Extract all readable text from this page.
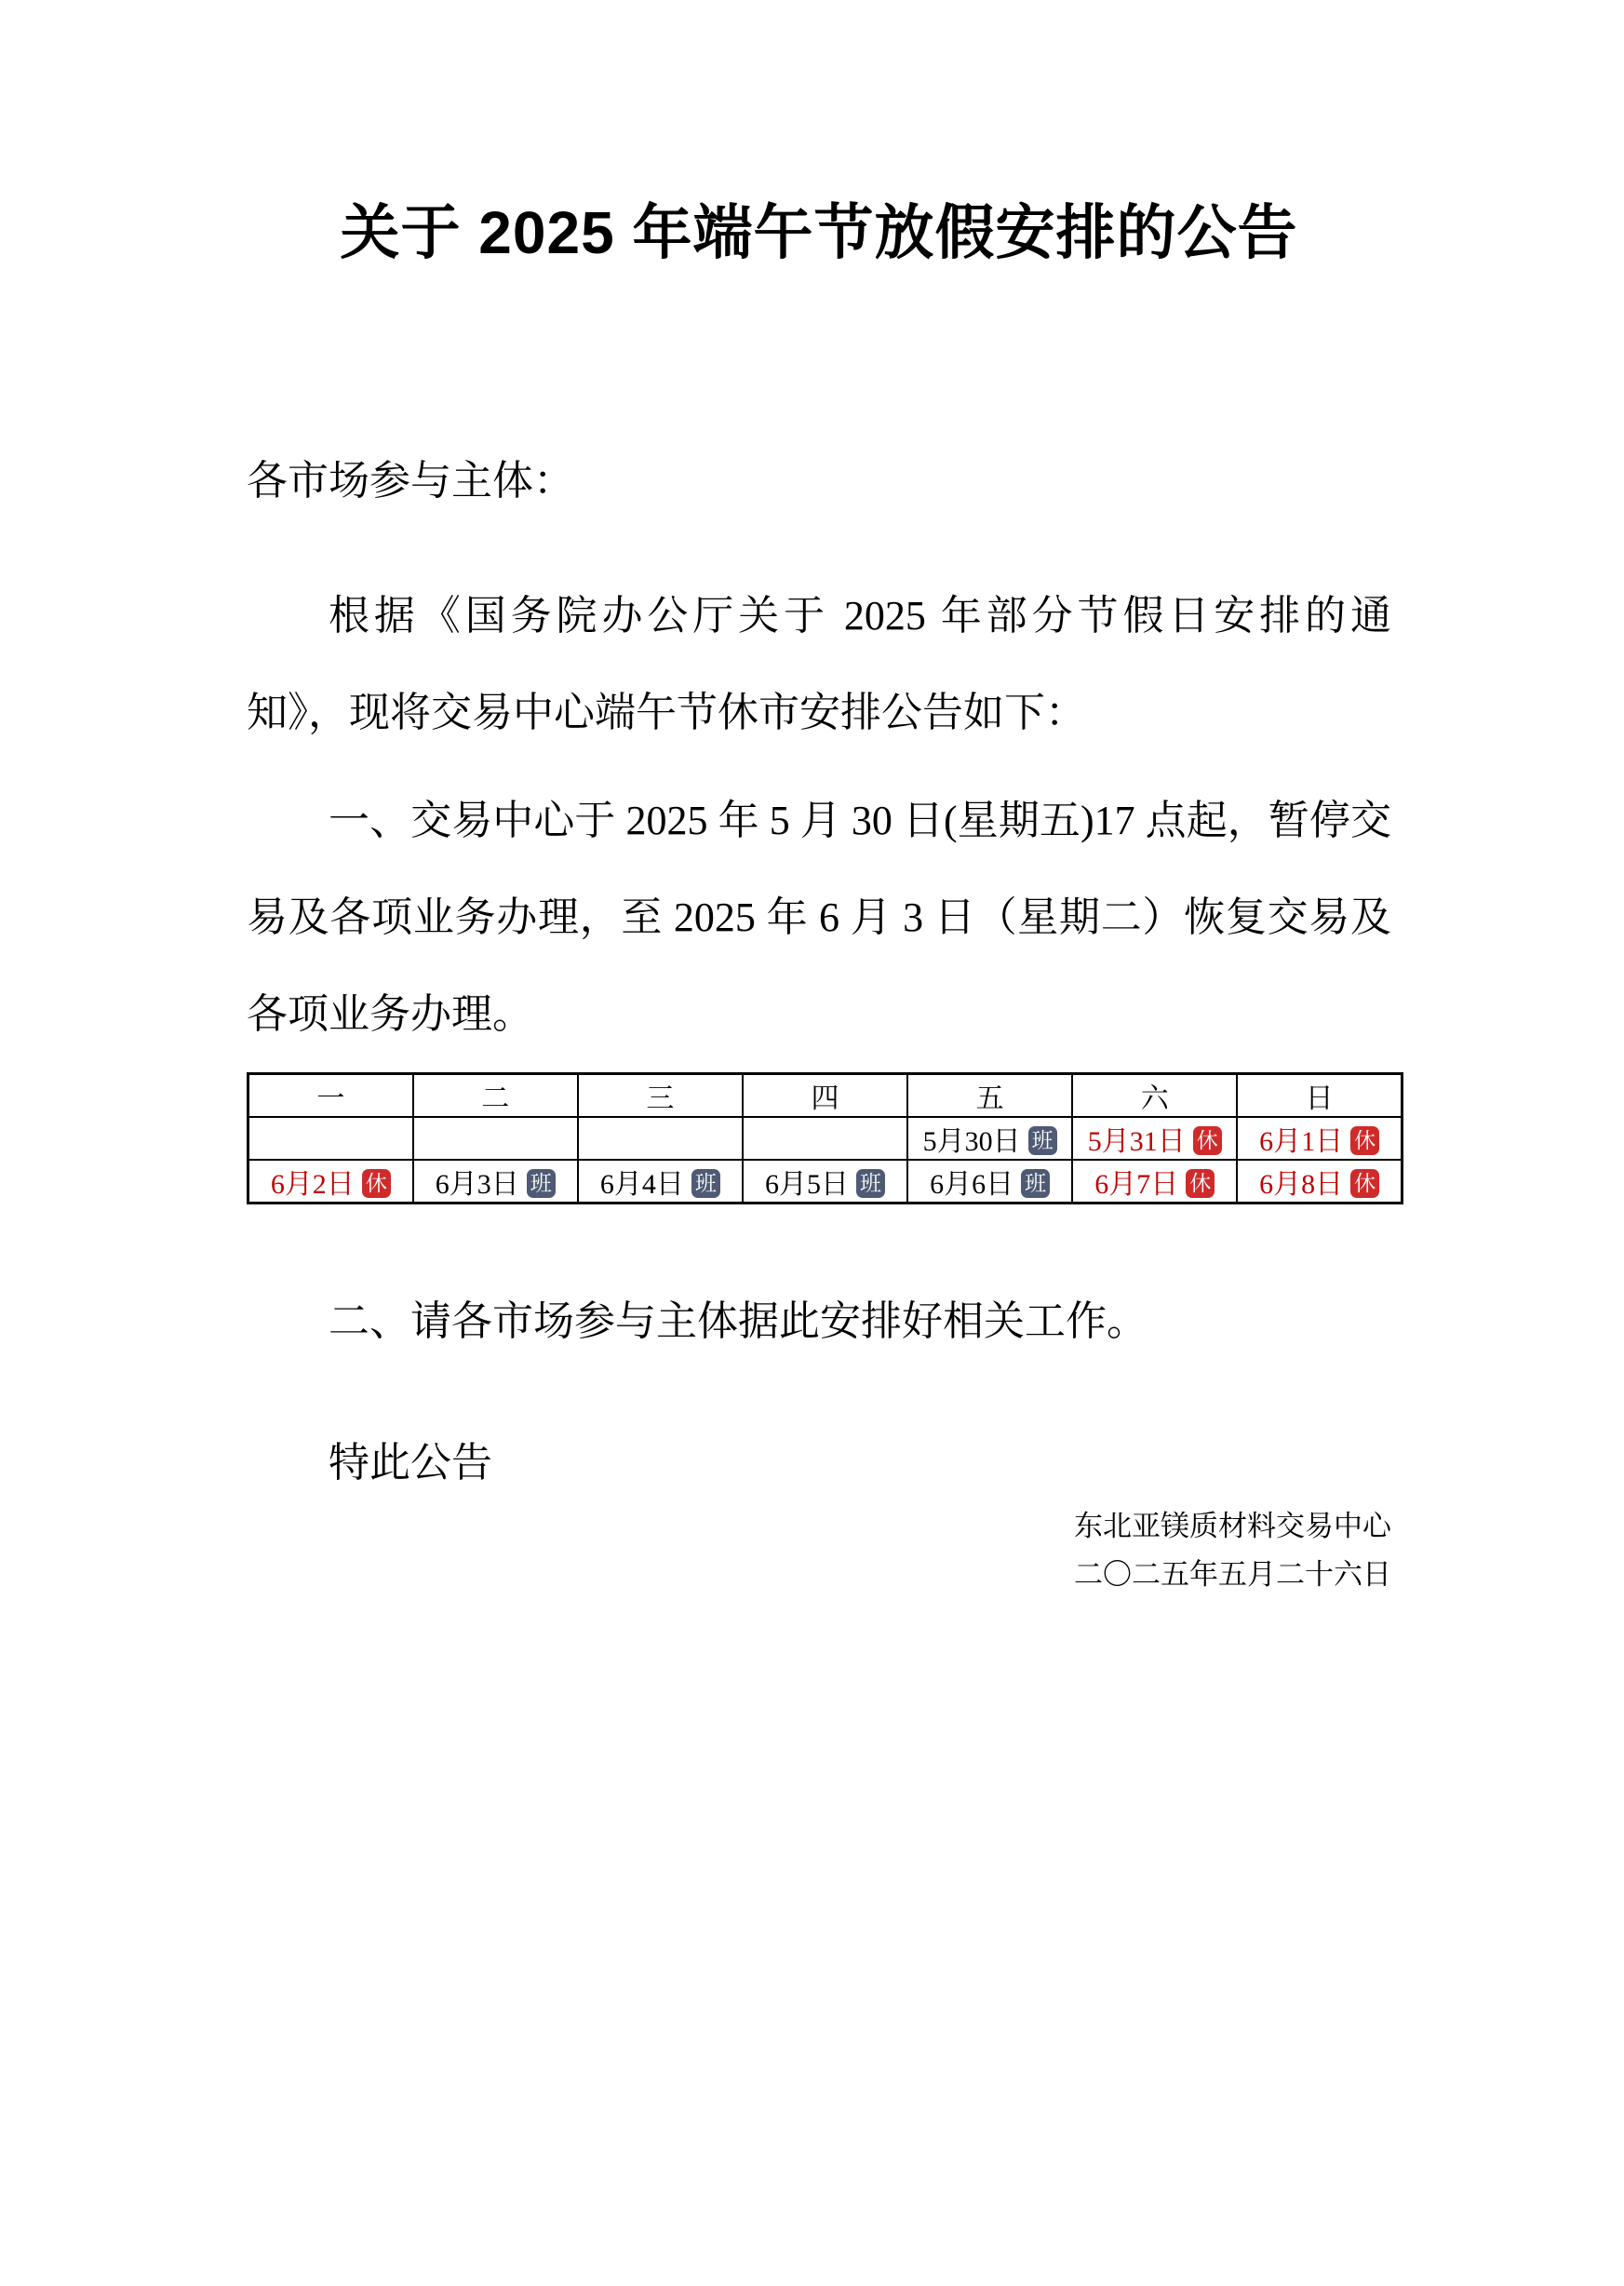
关于 2025 年端午节放假安排的公告

各市场参与主体：

根据《国务院办公厅关于 2025 年部分节假日安排的通知》，现将交易中心端午节休市安排公告如下：

一、交易中心于 2025 年 5 月 30 日(星期五)17 点起，暂停交易及各项业务办理，至 2025 年 6 月 3 日（星期二）恢复交易及各项业务办理。

一	二	三	四	五	六	日
				5月30日 班	5月31日 休	6月1日 休
6月2日 休	6月3日 班	6月4日 班	6月5日 班	6月6日 班	6月7日 休	6月8日 休

二、请各市场参与主体据此安排好相关工作。

特此公告

东北亚镁质材料交易中心
二〇二五年五月二十六日
